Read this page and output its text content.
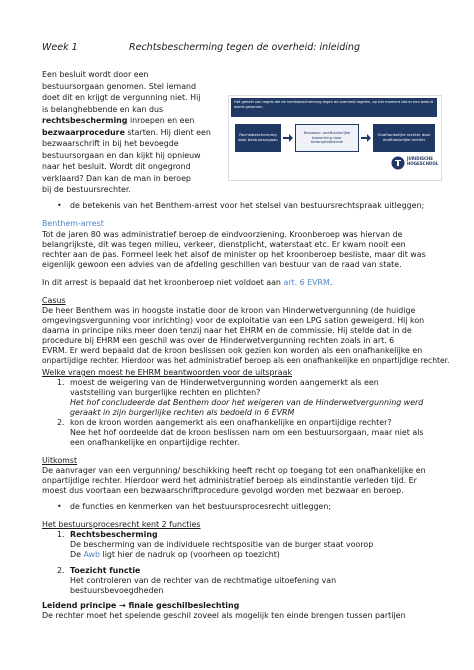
Week 1	Rechtsbescherming tegen de overheid: inleiding
Een besluit wordt door een
bestuursorgaan genomen. Stel iemand
doet dit en krijgt de vergunning niet. Hij
is belanghebbende en kan dus
rechtsbescherming inroepen en een
bezwaarprocedure starten. Hij dient een
bezwaarschrift in bij het bevoegde
bestuursorgaan en dan kijkt hij opnieuw
naar het besluit. Wordt dit ongegrond
verklaard? Dan kan de man in beroep
bij de bestuursrechter.
Het geheel van regels die de rechtsbescherming tegen de overheid regelen, op het moment dat er een besluit wordt genomen.
Rechtsbescherming door bestuursorgaan
Bezwaar: onafhankelijke bewerking door belanghebbende
Onafhankelijke rechter door onafhankelijke rechter
JURIDISCHE
HOGESCHOOL
• de betekenis van het Benthem-arrest voor het stelsel van bestuursrechtspraak uitleggen;
Benthem-arrest
Tot de jaren 80 was administratief beroep de eindvoorziening. Kroonberoep was hiervan de
belangrijkste, dit was tegen milieu, verkeer, dienstplicht, waterstaat etc. Er kwam nooit een
rechter aan de pas. Formeel leek het alsof de minister op het kroonberoep besliste, maar dit was
eigenlijk gewoon een advies van de afdeling geschillen van bestuur van de raad van state.
In dit arrest is bepaald dat het kroonberoep niet voldoet aan art. 6 EVRM.
Casus
De heer Benthem was in hoogste instatie door de kroon van Hinderwetvergunning (de huidige
omgevingsvergunning voor inrichting) voor de exploitatie van een LPG sation geweigerd. Hij kon
daarna in principe niks meer doen tenzij naar het EHRM en de commissie. Hij stelde dat in de
procedure bij EHRM een geschil was over de Hinderwetvergunning rechten zoals in art. 6
EVRM. Er werd bepaald dat de kroon beslissen ook gezien kon worden als een onafhankelijke en
onpartijdige rechter. Hierdoor was het administratief beroep als een onafhankelijke en onpartijdige rechter.
Welke vragen moest he EHRM beantwoorden voor de uitspraak
1. moest de weigering van de Hinderwetvergunning worden aangemerkt als een
vaststelling van burgerlijke rechten en plichten?
Het hof concludeerde dat Benthem door het weigeren van de Hinderwetvergunning werd
geraakt in zijn burgerlijke rechten als bedoeld in 6 EVRM
2. kon de kroon worden aangemerkt als een onafhankelijke en onpartijdige rechter?
Nee het hof oordeelde dat de kroon beslissen nam om een bestuursorgaan, maar niet als
een onafhankelijke en onpartijdige rechter.
Uitkomst
De aanvrager van een vergunning/ beschikking heeft recht op toegang tot een onafhankelijke en
onpartijdige rechter. Hierdoor werd het administratief beroep als eindinstantie verleden tijd. Er
moest dus voortaan een bezwaarschriftprocedure gevolgd worden met bezwaar en beroep.
• de functies en kenmerken van het bestuursprocesrecht uitleggen;
Het bestuursprocesrecht kent 2 functies
1. Rechtsbescherming
De bescherming van de individuele rechtspositie van de burger staat voorop
De Awb ligt hier de nadruk op (voorheen op toezicht)
2. Toezicht functie
Het controleren van de rechter van de rechtmatige uitoefening van
bestuursbevoegdheden
Leidend principe → finale geschilbeslechting
De rechter moet het spelende geschil zoveel als mogelijk ten einde brengen tussen partijen
